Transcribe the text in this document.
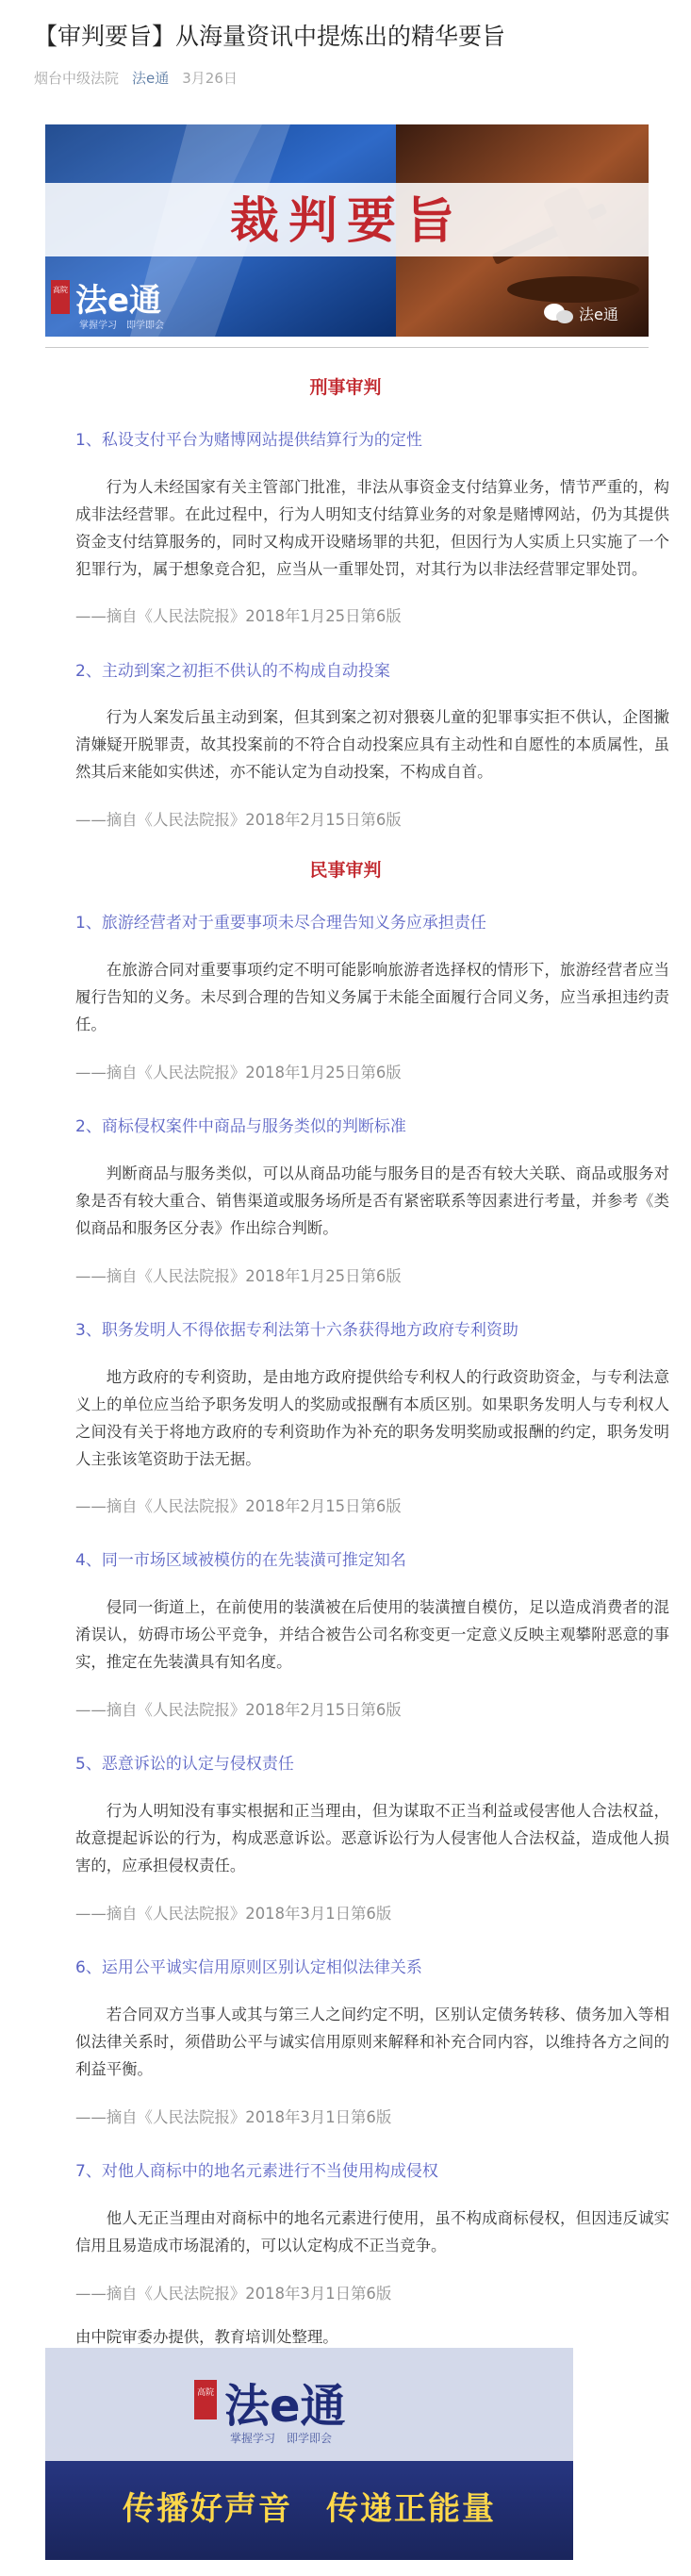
【审判要旨】从海量资讯中提炼出的精华要旨
烟台中级法院 法e通 3月26日
裁判要旨
高院 法e通
掌握学习　即学即会
法e通
刑事审判
1、私设支付平台为赌博网站提供结算行为的定性
行为人未经国家有关主管部门批准，非法从事资金支付结算业务，情节严重的，构成非法经营罪。在此过程中，行为人明知支付结算业务的对象是赌博网站，仍为其提供资金支付结算服务的，同时又构成开设赌场罪的共犯，但因行为人实质上只实施了一个犯罪行为，属于想象竞合犯，应当从一重罪处罚，对其行为以非法经营罪定罪处罚。
——摘自《人民法院报》2018年1月25日第6版
2、主动到案之初拒不供认的不构成自动投案
行为人案发后虽主动到案，但其到案之初对猥亵儿童的犯罪事实拒不供认，企图撇清嫌疑开脱罪责，故其投案前的不符合自动投案应具有主动性和自愿性的本质属性，虽然其后来能如实供述，亦不能认定为自动投案，不构成自首。
——摘自《人民法院报》2018年2月15日第6版
民事审判
1、旅游经营者对于重要事项未尽合理告知义务应承担责任
在旅游合同对重要事项约定不明可能影响旅游者选择权的情形下，旅游经营者应当履行告知的义务。未尽到合理的告知义务属于未能全面履行合同义务，应当承担违约责任。
——摘自《人民法院报》2018年1月25日第6版
2、商标侵权案件中商品与服务类似的判断标准
判断商品与服务类似，可以从商品功能与服务目的是否有较大关联、商品或服务对象是否有较大重合、销售渠道或服务场所是否有紧密联系等因素进行考量，并参考《类似商品和服务区分表》作出综合判断。
——摘自《人民法院报》2018年1月25日第6版
3、职务发明人不得依据专利法第十六条获得地方政府专利资助
地方政府的专利资助，是由地方政府提供给专利权人的行政资助资金，与专利法意义上的单位应当给予职务发明人的奖励或报酬有本质区别。如果职务发明人与专利权人之间没有关于将地方政府的专利资助作为补充的职务发明奖励或报酬的约定，职务发明人主张该笔资助于法无据。
——摘自《人民法院报》2018年2月15日第6版
4、同一市场区域被模仿的在先装潢可推定知名
侵同一街道上，在前使用的装潢被在后使用的装潢擅自模仿，足以造成消费者的混淆误认，妨碍市场公平竞争，并结合被告公司名称变更一定意义反映主观攀附恶意的事实，推定在先装潢具有知名度。
——摘自《人民法院报》2018年2月15日第6版
5、恶意诉讼的认定与侵权责任
行为人明知没有事实根据和正当理由，但为谋取不正当利益或侵害他人合法权益，故意提起诉讼的行为，构成恶意诉讼。恶意诉讼行为人侵害他人合法权益，造成他人损害的，应承担侵权责任。
——摘自《人民法院报》2018年3月1日第6版
6、运用公平诚实信用原则区别认定相似法律关系
若合同双方当事人或其与第三人之间约定不明，区别认定债务转移、债务加入等相似法律关系时，须借助公平与诚实信用原则来解释和补充合同内容，以维持各方之间的利益平衡。
——摘自《人民法院报》2018年3月1日第6版
7、对他人商标中的地名元素进行不当使用构成侵权
他人无正当理由对商标中的地名元素进行使用，虽不构成商标侵权，但因违反诚实信用且易造成市场混淆的，可以认定构成不正当竞争。
——摘自《人民法院报》2018年3月1日第6版
由中院审委办提供，教育培训处整理。
高院 法e通
掌握学习　即学即会
传播好声音　传递正能量
